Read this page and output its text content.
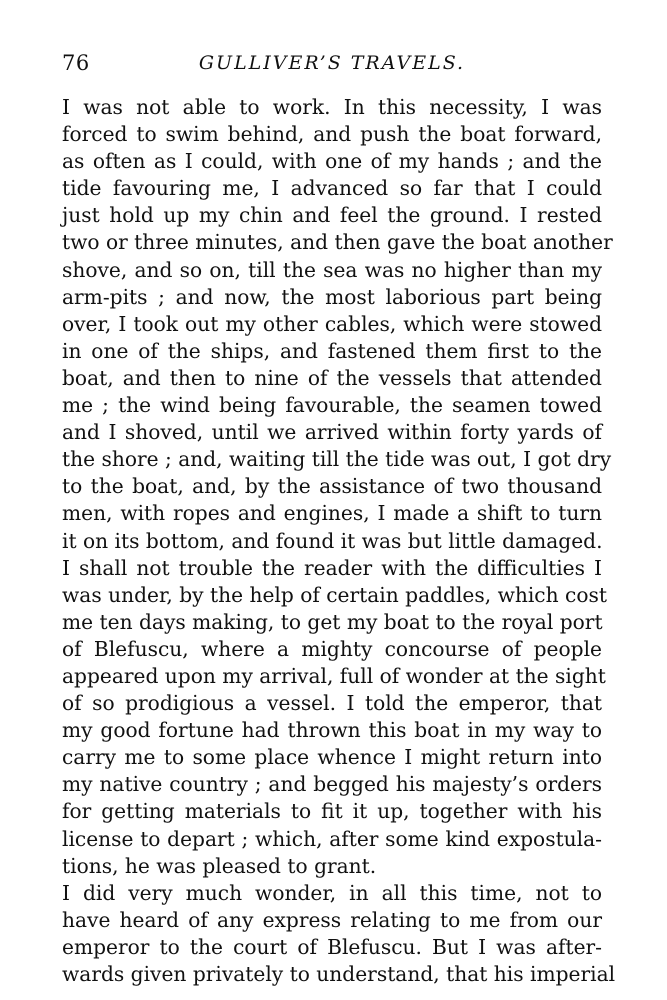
76	GULLIVER’S TRAVELS.

I was not able to work. In this necessity, I was
forced to swim behind, and push the boat forward,
as often as I could, with one of my hands ; and the
tide favouring me, I advanced so far that I could
just hold up my chin and feel the ground. I rested
two or three minutes, and then gave the boat another
shove, and so on, till the sea was no higher than my
arm-pits ; and now, the most laborious part being
over, I took out my other cables, which were stowed
in one of the ships, and fastened them first to the
boat, and then to nine of the vessels that attended
me ; the wind being favourable, the seamen towed
and I shoved, until we arrived within forty yards of
the shore ; and, waiting till the tide was out, I got dry
to the boat, and, by the assistance of two thousand
men, with ropes and engines, I made a shift to turn
it on its bottom, and found it was but little damaged.

I shall not trouble the reader with the difficulties I
was under, by the help of certain paddles, which cost
me ten days making, to get my boat to the royal port
of Blefuscu, where a mighty concourse of people
appeared upon my arrival, full of wonder at the sight
of so prodigious a vessel. I told the emperor, that
my good fortune had thrown this boat in my way to
carry me to some place whence I might return into
my native country ; and begged his majesty’s orders
for getting materials to fit it up, together with his
license to depart ; which, after some kind expostula-
tions, he was pleased to grant.

I did very much wonder, in all this time, not to
have heard of any express relating to me from our
emperor to the court of Blefuscu. But I was after-
wards given privately to understand, that his imperial
